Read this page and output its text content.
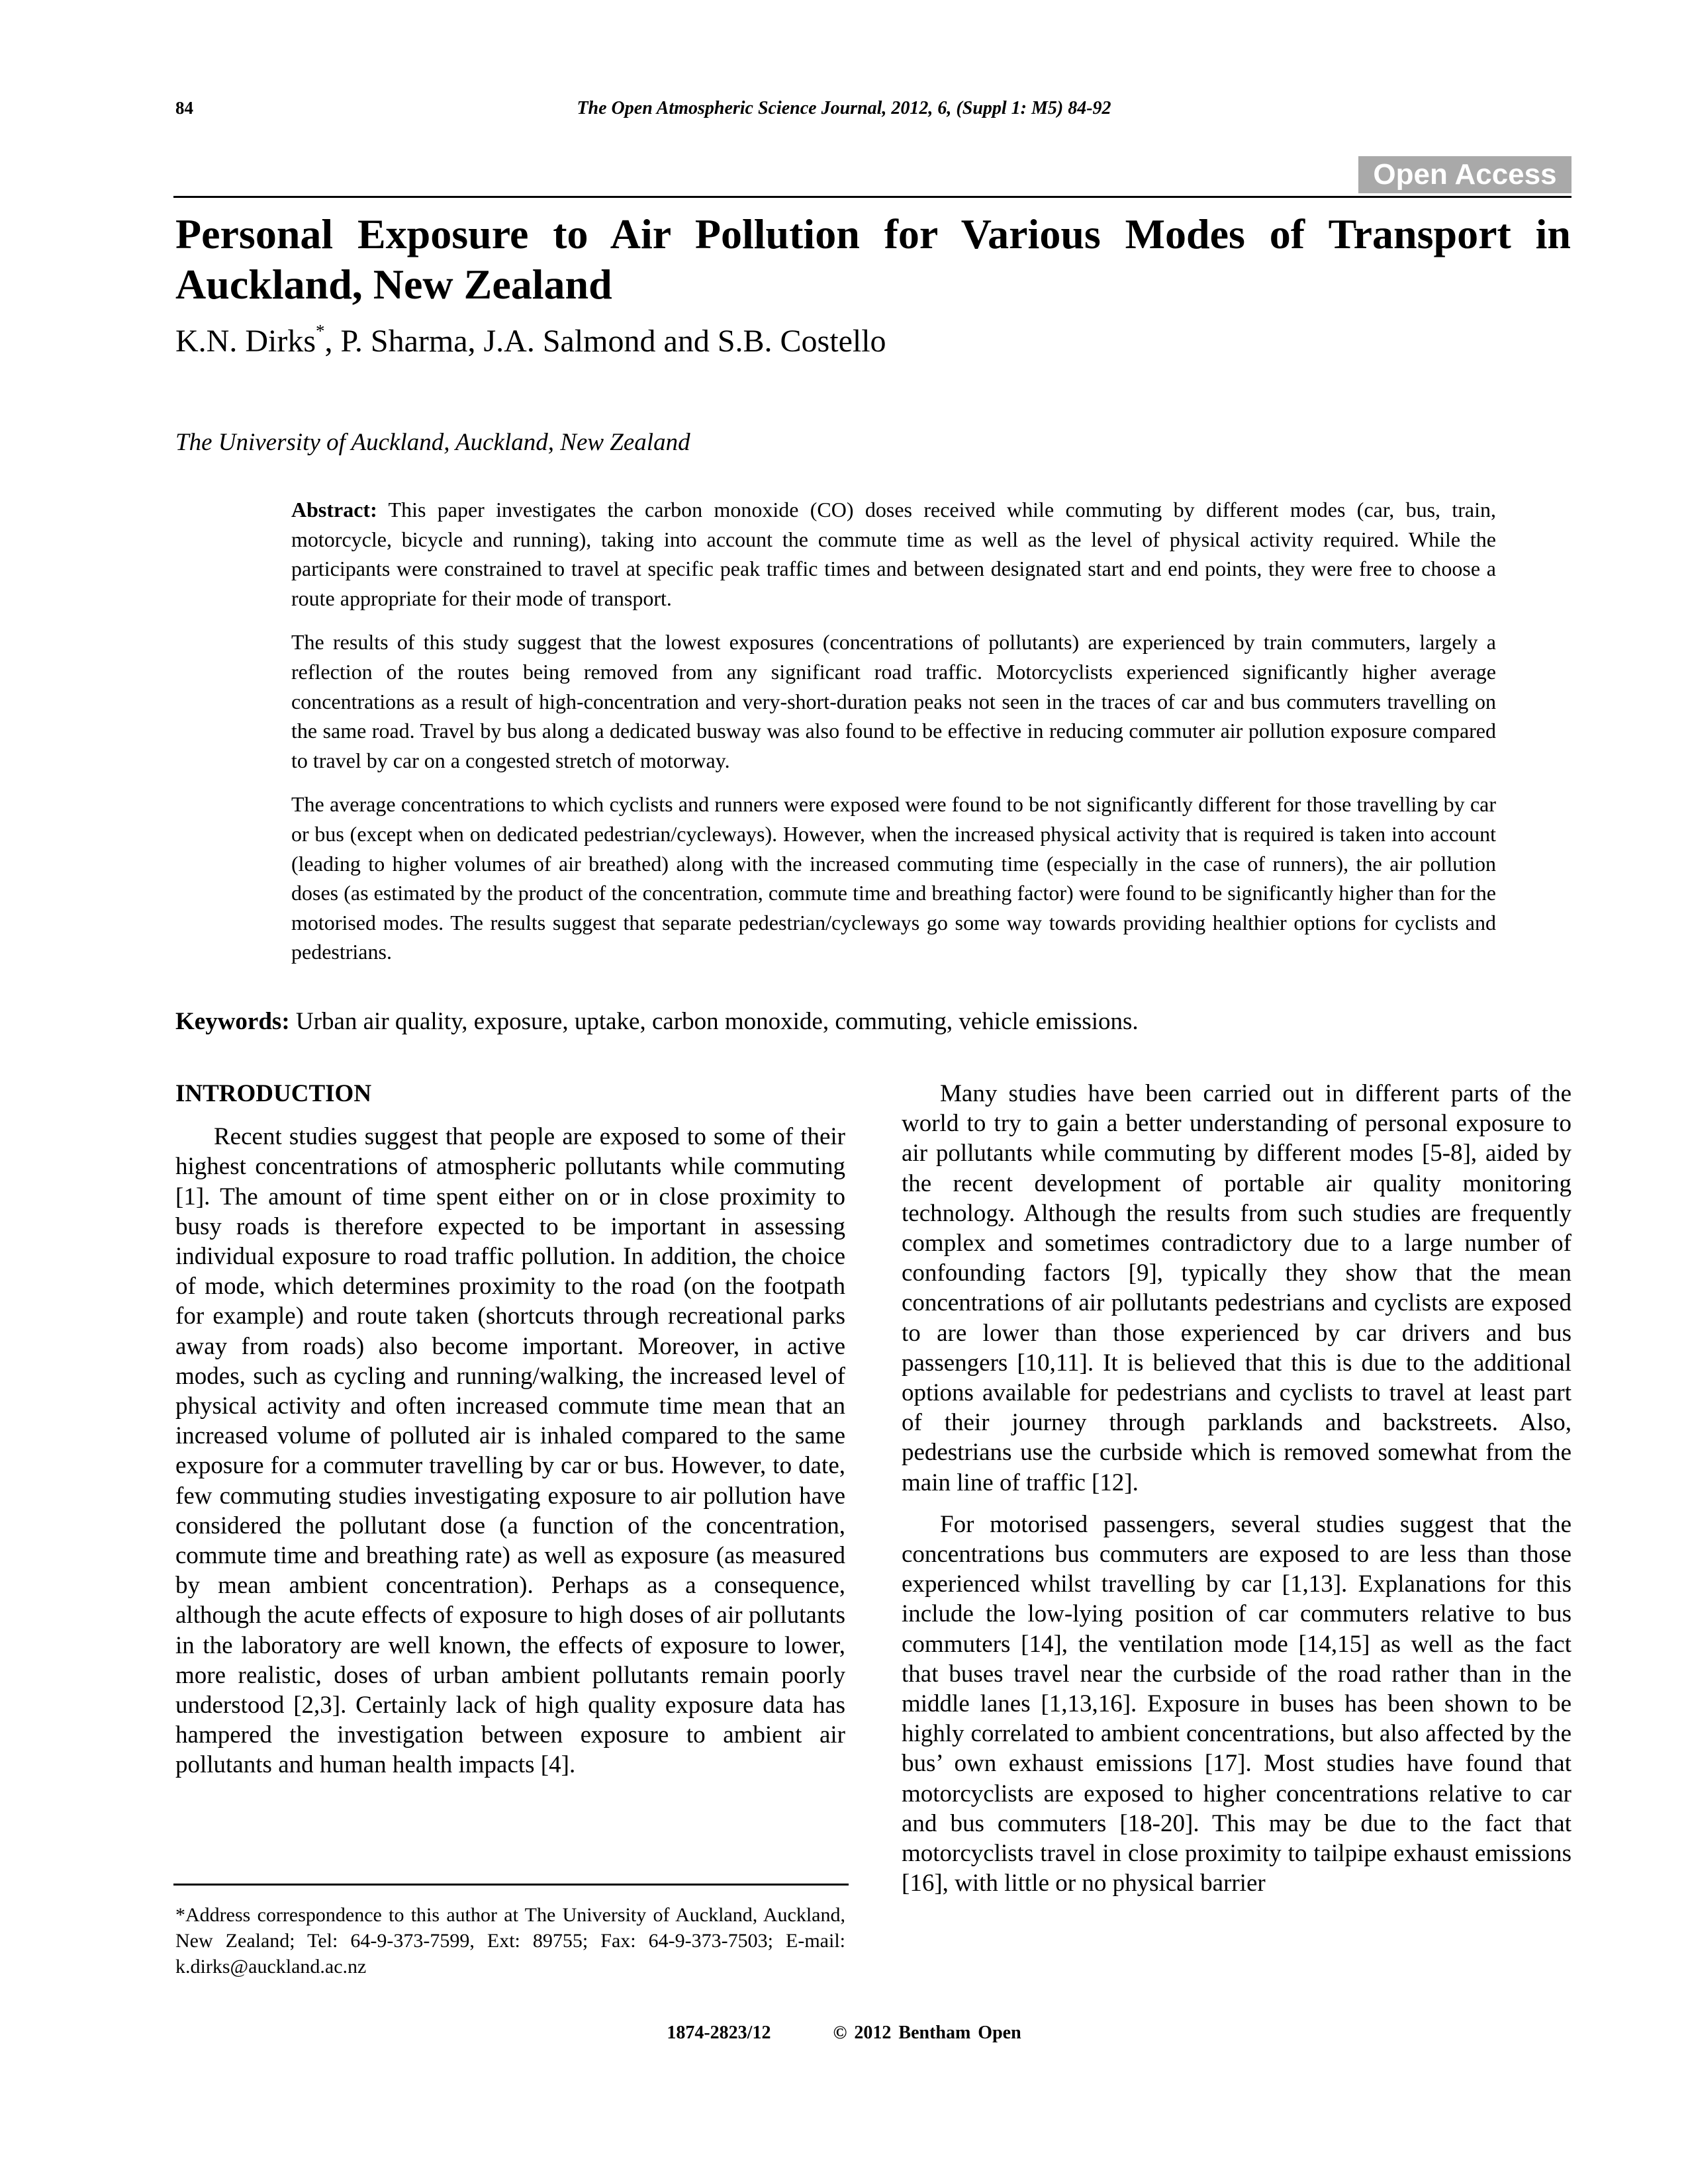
84	The Open Atmospheric Science Journal, 2012, 6, (Suppl 1: M5) 84-92
Open Access
Personal Exposure to Air Pollution for Various Modes of Transport in Auckland, New Zealand
K.N. Dirks*, P. Sharma, J.A. Salmond and S.B. Costello
The University of Auckland, Auckland, New Zealand

Abstract: This paper investigates the carbon monoxide (CO) doses received while commuting by different modes (car, bus, train, motorcycle, bicycle and running), taking into account the commute time as well as the level of physical activity required. While the participants were constrained to travel at specific peak traffic times and between designated start and end points, they were free to choose a route appropriate for their mode of transport.

The results of this study suggest that the lowest exposures (concentrations of pollutants) are experienced by train commuters, largely a reflection of the routes being removed from any significant road traffic. Motorcyclists experienced significantly higher average concentrations as a result of high-concentration and very-short-duration peaks not seen in the traces of car and bus commuters travelling on the same road. Travel by bus along a dedicated busway was also found to be effective in reducing commuter air pollution exposure compared to travel by car on a congested stretch of motorway.

The average concentrations to which cyclists and runners were exposed were found to be not significantly different for those travelling by car or bus (except when on dedicated pedestrian/cycleways). However, when the increased physical activity that is required is taken into account (leading to higher volumes of air breathed) along with the increased commuting time (especially in the case of runners), the air pollution doses (as estimated by the product of the concentration, commute time and breathing factor) were found to be significantly higher than for the motorised modes. The results suggest that separate pedestrian/cycleways go some way towards providing healthier options for cyclists and pedestrians.

Keywords: Urban air quality, exposure, uptake, carbon monoxide, commuting, vehicle emissions.
INTRODUCTION

Recent studies suggest that people are exposed to some of their highest concentrations of atmospheric pollutants while commuting [1]. The amount of time spent either on or in close proximity to busy roads is therefore expected to be important in assessing individual exposure to road traffic pollution. In addition, the choice of mode, which determines proximity to the road (on the footpath for example) and route taken (shortcuts through recreational parks away from roads) also become important. Moreover, in active modes, such as cycling and running/walking, the increased level of physical activity and often increased commute time mean that an increased volume of polluted air is inhaled compared to the same exposure for a commuter travelling by car or bus. However, to date, few commuting studies investigating exposure to air pollution have considered the pollutant dose (a function of the concentration, commute time and breathing rate) as well as exposure (as measured by mean ambient concentration). Perhaps as a consequence, although the acute effects of exposure to high doses of air pollutants in the laboratory are well known, the effects of exposure to lower, more realistic, doses of urban ambient pollutants remain poorly understood [2,3]. Certainly lack of high quality exposure data has hampered the investigation between exposure to ambient air pollutants and human health impacts [4].

Many studies have been carried out in different parts of the world to try to gain a better understanding of personal exposure to air pollutants while commuting by different modes [5-8], aided by the recent development of portable air quality monitoring technology. Although the results from such studies are frequently complex and sometimes contradictory due to a large number of confounding factors [9], typically they show that the mean concentrations of air pollutants pedestrians and cyclists are exposed to are lower than those experienced by car drivers and bus passengers [10,11]. It is believed that this is due to the additional options available for pedestrians and cyclists to travel at least part of their journey through parklands and backstreets. Also, pedestrians use the curbside which is removed somewhat from the main line of traffic [12].

For motorised passengers, several studies suggest that the concentrations bus commuters are exposed to are less than those experienced whilst travelling by car [1,13]. Explanations for this include the low-lying position of car commuters relative to bus commuters [14], the ventilation mode [14,15] as well as the fact that buses travel near the curbside of the road rather than in the middle lanes [1,13,16]. Exposure in buses has been shown to be highly correlated to ambient concentrations, but also affected by the bus’ own exhaust emissions [17]. Most studies have found that motorcyclists are exposed to higher concentrations relative to car and bus commuters [18-20]. This may be due to the fact that motorcyclists travel in close proximity to tailpipe exhaust emissions [16], with little or no physical barrier

*Address correspondence to this author at The University of Auckland, Auckland, New Zealand; Tel: 64-9-373-7599, Ext: 89755; Fax: 64-9-373-7503; E-mail: k.dirks@auckland.ac.nz
1874-2823/12	© 2012 Bentham Open
